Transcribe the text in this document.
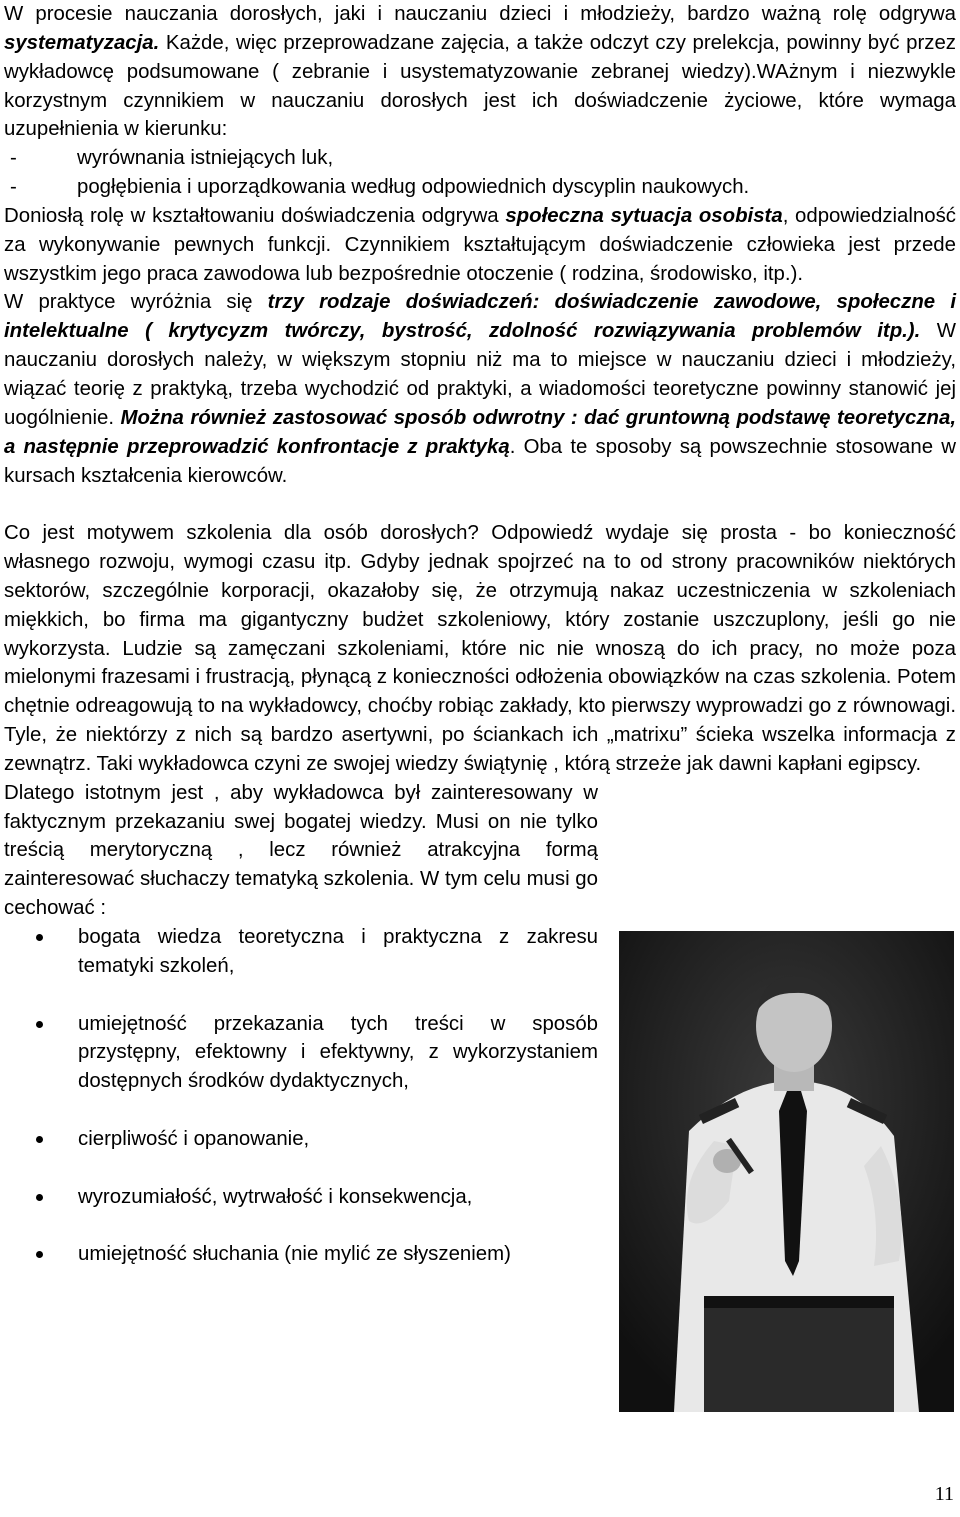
W procesie nauczania dorosłych, jaki i nauczaniu dzieci i młodzieży, bardzo ważną rolę odgrywa systematyzacja. Każde, więc przeprowadzane zajęcia, a także odczyt czy prelekcja, powinny być przez wykładowcę podsumowane ( zebranie i usystematyzowanie zebranej wiedzy).WAżnym i niezwykle korzystnym czynnikiem w nauczaniu dorosłych jest ich doświadczenie życiowe, które wymaga uzupełnienia w kierunku:

-	wyrównania istniejących luk,
-	pogłębienia i uporządkowania według odpowiednich dyscyplin naukowych.

Doniosłą rolę w kształtowaniu doświadczenia odgrywa społeczna sytuacja osobista, odpowiedzialność za wykonywanie pewnych funkcji. Czynnikiem kształtującym doświadczenie człowieka jest przede wszystkim jego praca zawodowa lub bezpośrednie otoczenie ( rodzina, środowisko, itp.).

W praktyce wyróżnia się trzy rodzaje doświadczeń: doświadczenie zawodowe, społeczne i intelektualne ( krytycyzm twórczy, bystrość, zdolność rozwiązywania problemów itp.). W nauczaniu dorosłych należy, w większym stopniu niż ma to miejsce w nauczaniu dzieci i młodzieży, wiązać teorię z praktyką, trzeba wychodzić od praktyki, a wiadomości teoretyczne powinny stanowić jej uogólnienie. Można również zastosować sposób odwrotny : dać gruntowną podstawę teoretyczna, a następnie przeprowadzić konfrontacje z praktyką. Oba te sposoby są powszechnie stosowane w kursach kształcenia kierowców.

Co jest motywem szkolenia dla osób dorosłych? Odpowiedź wydaje się prosta - bo konieczność własnego rozwoju, wymogi czasu itp. Gdyby jednak spojrzeć na to od strony pracowników niektórych sektorów, szczególnie korporacji, okazałoby się, że otrzymują nakaz uczestniczenia w szkoleniach miękkich, bo firma ma gigantyczny budżet szkoleniowy, który zostanie uszczuplony, jeśli go nie wykorzysta. Ludzie są zamęczani szkoleniami, które nic nie wnoszą do ich pracy, no może poza mielonymi frazesami i frustracją, płynącą z konieczności odłożenia obowiązków na czas szkolenia. Potem chętnie odreagowują to na wykładowcy, choćby robiąc zakłady, kto pierwszy wyprowadzi go z równowagi. Tyle, że niektórzy z nich są bardzo asertywni, po ściankach ich „matrixu” ścieka wszelka informacja z zewnątrz. Taki wykładowca czyni ze swojej wiedzy świątynię , którą strzeże jak dawni kapłani egipscy.

Dlatego istotnym jest , aby wykładowca był zainteresowany w faktycznym przekazaniu swej bogatej wiedzy. Musi on nie tylko treścią merytoryczną , lecz również atrakcyjna formą zainteresować słuchaczy tematyką szkolenia. W tym celu musi go cechować :

bogata wiedza teoretyczna i praktyczna z zakresu tematyki szkoleń,
umiejętność przekazania tych treści w sposób przystępny, efektowny i efektywny, z wykorzystaniem dostępnych środków dydaktycznych,
cierpliwość i opanowanie,
wyrozumiałość, wytrwałość i konsekwencja,
umiejętność słuchania (nie mylić ze słyszeniem)
11
